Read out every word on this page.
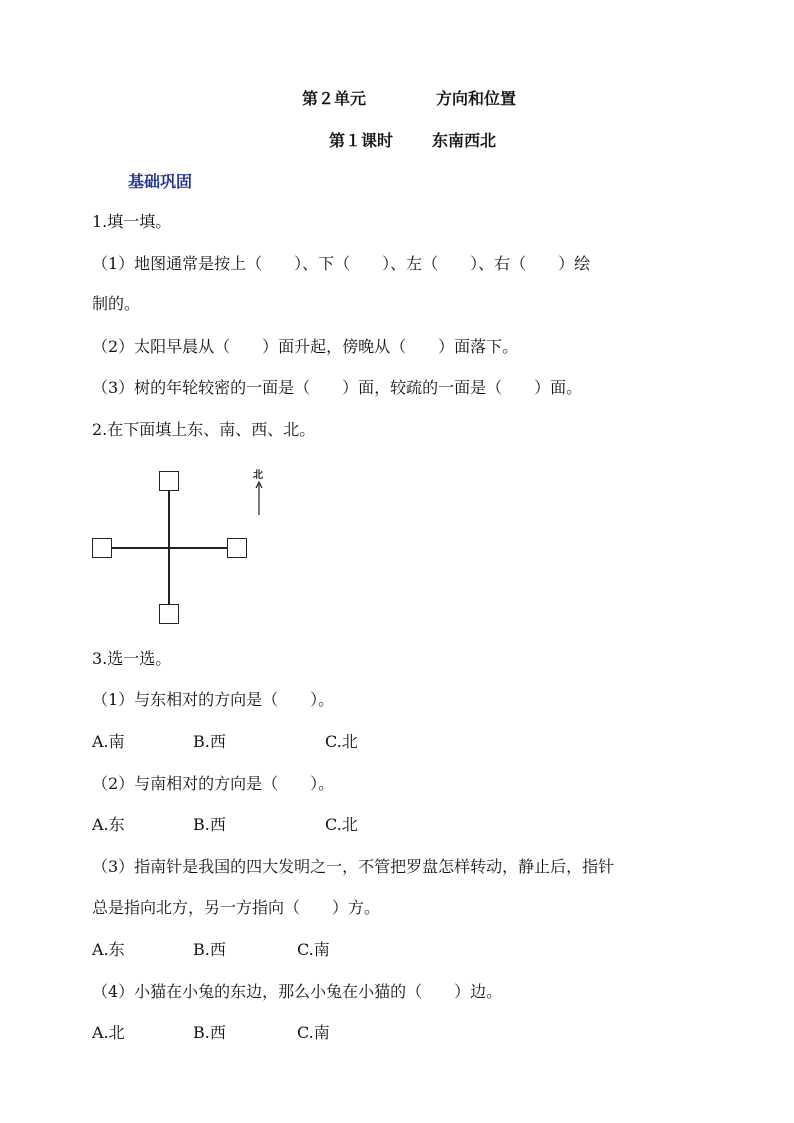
第２单元	方向和位置
第１课时 东南西北
基础巩固
1.填一填。
（1）地图通常是按上（　　）、下（　　）、左（　　）、右（　　）绘
制的。
（2）太阳早晨从（　　）面升起，傍晚从（　　）面落下。
（3）树的年轮较密的一面是（　　）面，较疏的一面是（　　）面。
2.在下面填上东、南、西、北。
北
3.选一选。
（1）与东相对的方向是（　　）。
A.南	B.西	C.北
（2）与南相对的方向是（　　）。
A.东	B.西	C.北
（3）指南针是我国的四大发明之一，不管把罗盘怎样转动，静止后，指针
总是指向北方，另一方指向（　　）方。
A.东	B.西	C.南
（4）小猫在小兔的东边，那么小兔在小猫的（　　）边。
A.北	B.西	C.南
